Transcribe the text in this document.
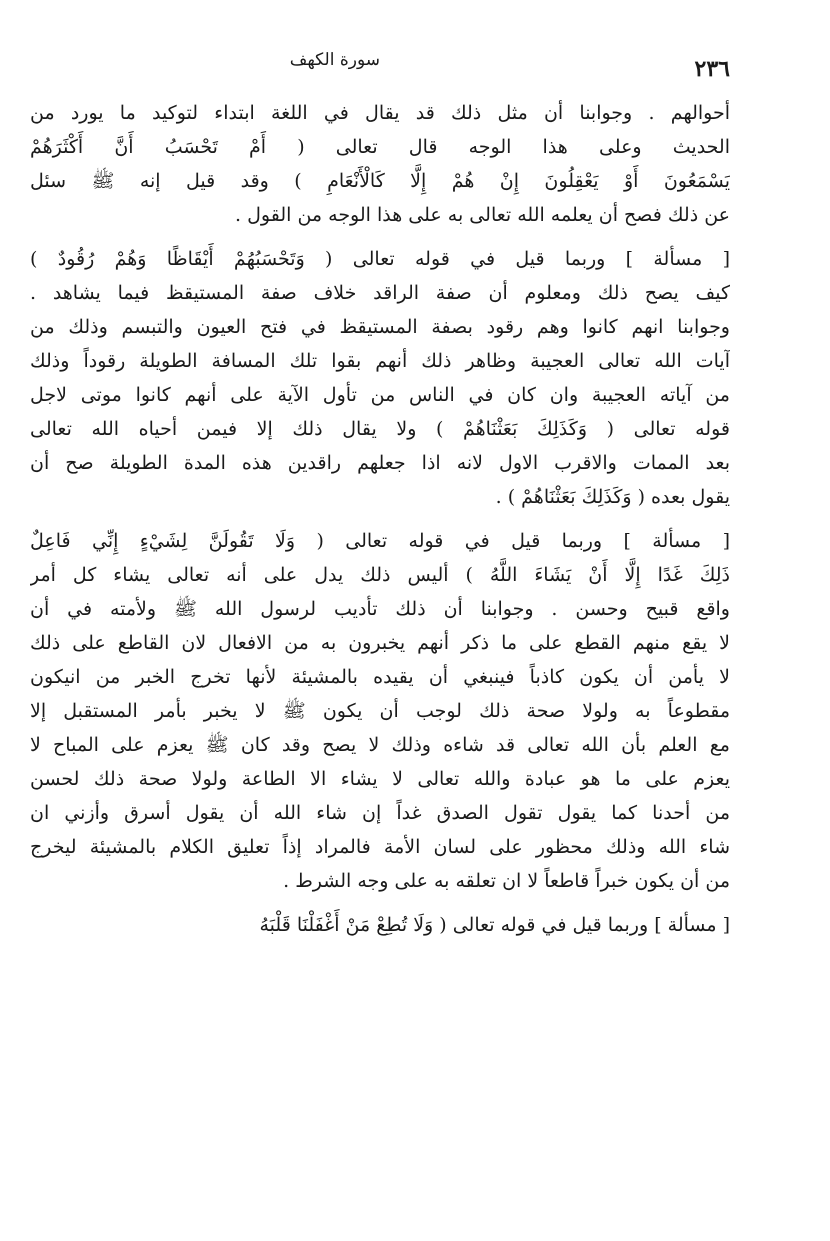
٢٣٦
سورة الكهف
أحوالهم . وجوابنا أن مثل ذلك قد يقال في اللغة ابتداء لتوكيد ما يورد من
الحديث وعلى هذا الوجه قال تعالى ( أَمْ تَحْسَبُ أَنَّ أَكْثَرَهُمْ
يَسْمَعُونَ أَوْ يَعْقِلُونَ إِنْ هُمْ إِلَّا كَالْأَنْعَامِ ) وقد قيل إنه ﷺ سئل
عن ذلك فصح أن يعلمه الله تعالى به على هذا الوجه من القول .
[ مسألة ] وربما قيل في قوله تعالى ( وَتَحْسَبُهُمْ أَيْقَاظًا وَهُمْ رُقُودٌ )
كيف يصح ذلك ومعلوم أن صفة الراقد خلاف صفة المستيقظ فيما يشاهد .
وجوابنا انهم كانوا وهم رقود بصفة المستيقظ في فتح العيون والتبسم وذلك من
آيات الله تعالى العجيبة وظاهر ذلك أنهم بقوا تلك المسافة الطويلة رقوداً وذلك
من آياته العجيبة وان كان في الناس من تأول الآية على أنهم كانوا موتى لاجل
قوله تعالى ( وَكَذَلِكَ بَعَثْنَاهُمْ ) ولا يقال ذلك إلا فيمن أحياه الله تعالى
بعد الممات والاقرب الاول لانه اذا جعلهم راقدين هذه المدة الطويلة صح أن
يقول بعده ( وَكَذَلِكَ بَعَثْنَاهُمْ ) .
[ مسألة ] وربما قيل في قوله تعالى ( وَلَا تَقُولَنَّ لِشَيْءٍ إِنِّي فَاعِلٌ
ذَلِكَ غَدًا إِلَّا أَنْ يَشَاءَ اللَّهُ ) أليس ذلك يدل على أنه تعالى يشاء كل أمر
واقع قبيح وحسن . وجوابنا أن ذلك تأديب لرسول الله ﷺ ولأمته في أن
لا يقع منهم القطع على ما ذكر أنهم يخبرون به من الافعال لان القاطع على ذلك
لا يأمن أن يكون كاذباً فينبغي أن يقيده بالمشيئة لأنها تخرج الخبر من انيكون
مقطوعاً به ولولا صحة ذلك لوجب أن يكون ﷺ لا يخبر بأمر المستقبل إلا
مع العلم بأن الله تعالى قد شاءه وذلك لا يصح وقد كان ﷺ يعزم على المباح لا
يعزم على ما هو عبادة والله تعالى لا يشاء الا الطاعة ولولا صحة ذلك لحسن
من أحدنا كما يقول تقول الصدق غداً إن شاء الله أن يقول أسرق وأزني ان
شاء الله وذلك محظور على لسان الأمة فالمراد إذاً تعليق الكلام بالمشيئة ليخرج
من أن يكون خبراً قاطعاً لا ان تعلقه به على وجه الشرط .
[ مسألة ] وربما قيل في قوله تعالى ( وَلَا تُطِعْ مَنْ أَغْفَلْنَا قَلْبَهُ
